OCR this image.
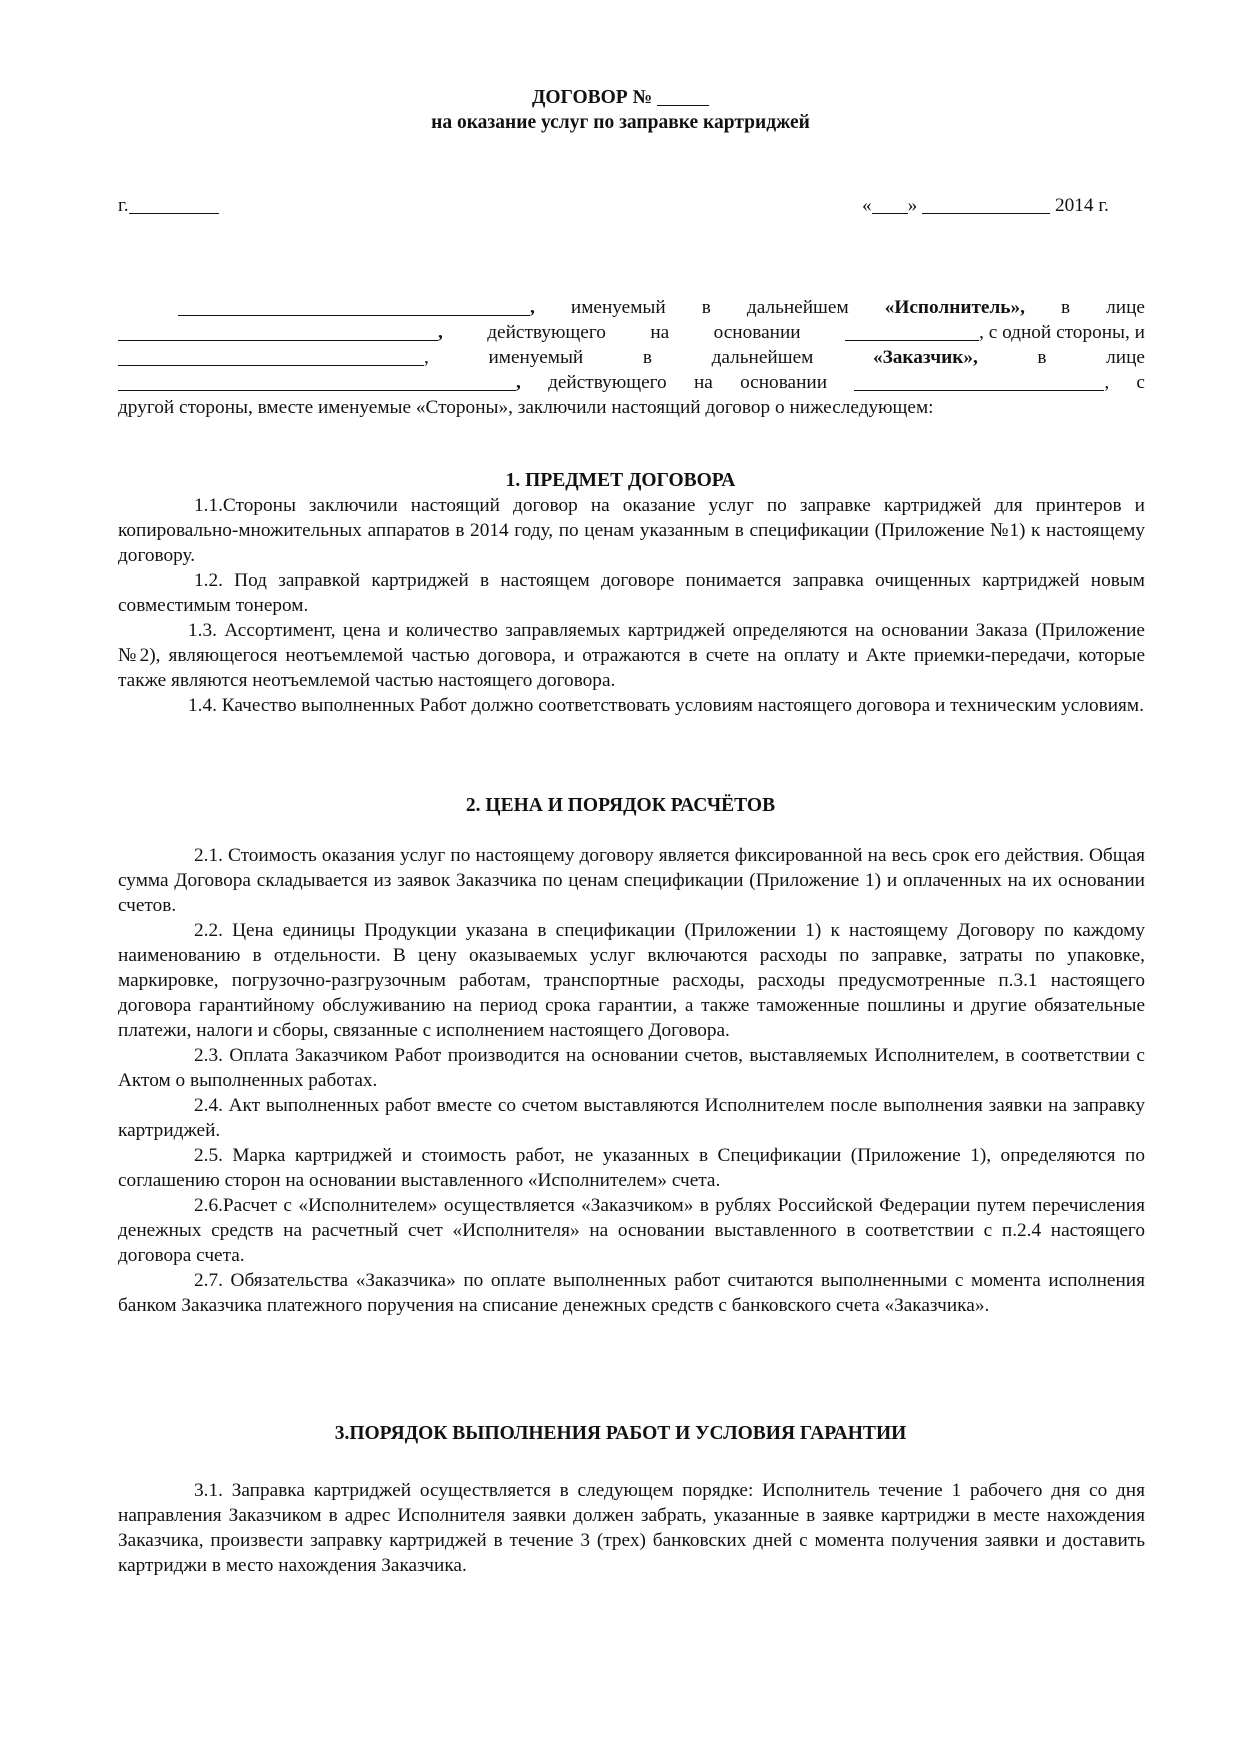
ДОГОВОР №
на оказание услуг по заправке картриджей
г.	« »	2014 г.
, именуемый в дальнейшем «Исполнитель», в лице
, действующего на основании	, с одной стороны, и
,	именуемый	в	дальнейшем	«Заказчик»,	в	лице
, действующего на основании	, с
другой стороны, вместе именуемые «Стороны», заключили настоящий договор о нижеследующем:
1. ПРЕДМЕТ ДОГОВОРА

1.1.Стороны заключили настоящий договор на оказание услуг по заправке картриджей для принтеров и копировально-множительных аппаратов в 2014 году, по ценам указанным в спецификации (Приложение №1) к настоящему договору.

1.2. Под заправкой картриджей в настоящем договоре понимается заправка очищенных картриджей новым совместимым тонером.

1.3. Ассортимент, цена и количество заправляемых картриджей определяются на основании Заказа (Приложение №2), являющегося неотъемлемой частью договора, и отражаются в счете на оплату и Акте приемки-передачи, которые также являются неотъемлемой частью настоящего договора.

1.4. Качество выполненных Работ должно соответствовать условиям настоящего договора и техническим условиям.

2. ЦЕНА И ПОРЯДОК РАСЧЁТОВ

2.1. Стоимость оказания услуг по настоящему договору является фиксированной на весь срок его действия. Общая сумма Договора складывается из заявок Заказчика по ценам спецификации (Приложение 1) и оплаченных на их основании счетов.

2.2. Цена единицы Продукции указана в спецификации (Приложении 1) к настоящему Договору по каждому наименованию в отдельности. В цену оказываемых услуг включаются расходы по заправке, затраты по упаковке, маркировке, погрузочно-разгрузочным работам, транспортные расходы, расходы предусмотренные п.3.1 настоящего договора гарантийному обслуживанию на период срока гарантии, а также таможенные пошлины и другие обязательные платежи, налоги и сборы, связанные с исполнением настоящего Договора.

2.3. Оплата Заказчиком Работ производится на основании счетов, выставляемых Исполнителем, в соответствии с Актом о выполненных работах.

2.4. Акт выполненных работ вместе со счетом выставляются Исполнителем после выполнения заявки на заправку картриджей.

2.5. Марка картриджей и стоимость работ, не указанных в Спецификации (Приложение 1), определяются по соглашению сторон на основании выставленного «Исполнителем» счета.

2.6.Расчет с «Исполнителем» осуществляется «Заказчиком» в рублях Российской Федерации путем перечисления денежных средств на расчетный счет «Исполнителя» на основании выставленного в соответствии с п.2.4 настоящего договора счета.

2.7. Обязательства «Заказчика» по оплате выполненных работ считаются выполненными с момента исполнения банком Заказчика платежного поручения на списание денежных средств с банковского счета «Заказчика».

3.ПОРЯДОК ВЫПОЛНЕНИЯ РАБОТ И УСЛОВИЯ ГАРАНТИИ

3.1. Заправка картриджей осуществляется в следующем порядке: Исполнитель течение 1 рабочего дня со дня направления Заказчиком в адрес Исполнителя заявки должен забрать, указанные в заявке картриджи в месте нахождения Заказчика, произвести заправку картриджей в течение 3 (трех) банковских дней с момента получения заявки и доставить картриджи в место нахождения Заказчика.
